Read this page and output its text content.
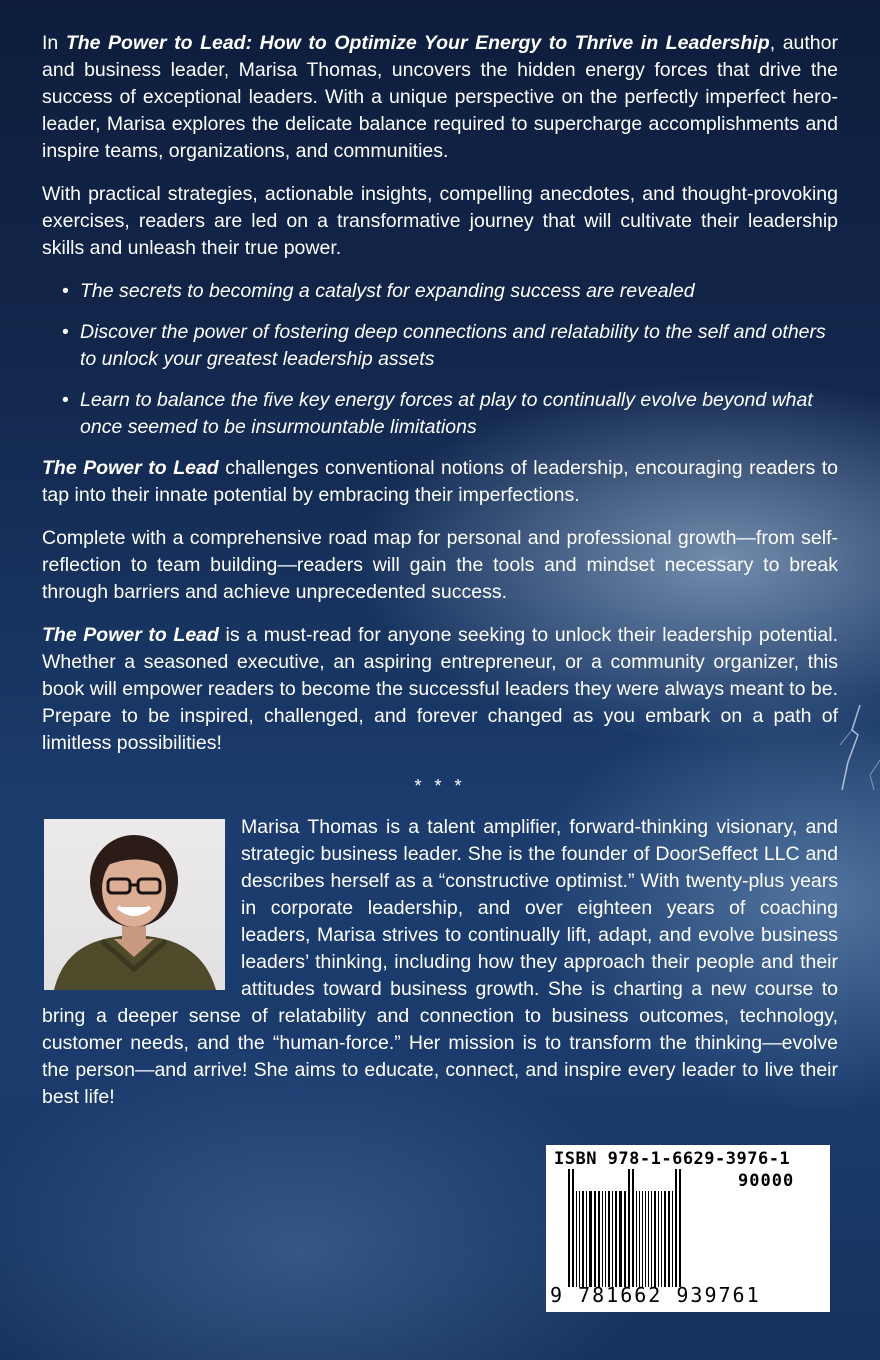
In The Power to Lead: How to Optimize Your Energy to Thrive in Leadership, author and business leader, Marisa Thomas, uncovers the hidden energy forces that drive the success of exceptional leaders. With a unique perspective on the perfectly imperfect hero-leader, Marisa explores the delicate balance required to supercharge accomplishments and inspire teams, organizations, and communities.

With practical strategies, actionable insights, compelling anecdotes, and thought-provoking exercises, readers are led on a transformative journey that will cultivate their leadership skills and unleash their true power.

• The secrets to becoming a catalyst for expanding success are revealed
• Discover the power of fostering deep connections and relatability to the self and others to unlock your greatest leadership assets
• Learn to balance the five key energy forces at play to continually evolve beyond what once seemed to be insurmountable limitations

The Power to Lead challenges conventional notions of leadership, encouraging readers to tap into their innate potential by embracing their imperfections.

Complete with a comprehensive road map for personal and professional growth—from self-reflection to team building—readers will gain the tools and mindset necessary to break through barriers and achieve unprecedented success.

The Power to Lead is a must-read for anyone seeking to unlock their leadership potential. Whether a seasoned executive, an aspiring entrepreneur, or a community organizer, this book will empower readers to become the successful leaders they were always meant to be. Prepare to be inspired, challenged, and forever changed as you embark on a path of limitless possibilities!

* * *
Marisa Thomas is a talent amplifier, forward-thinking visionary, and strategic business leader. She is the founder of DoorSeffect LLC and describes herself as a “constructive optimist.” With twenty-plus years in corporate leadership, and over eighteen years of coaching leaders, Marisa strives to continually lift, adapt, and evolve business leaders’ thinking, including how they approach their people and their attitudes toward business growth. She is charting a new course to bring a deeper sense of relatability and connection to business outcomes, technology, customer needs, and the “human-force.” Her mission is to transform the thinking—evolve the person—and arrive! She aims to educate, connect, and inspire every leader to live their best life!
ISBN 978-1-6629-3976-1
90000
9 781662 939761
